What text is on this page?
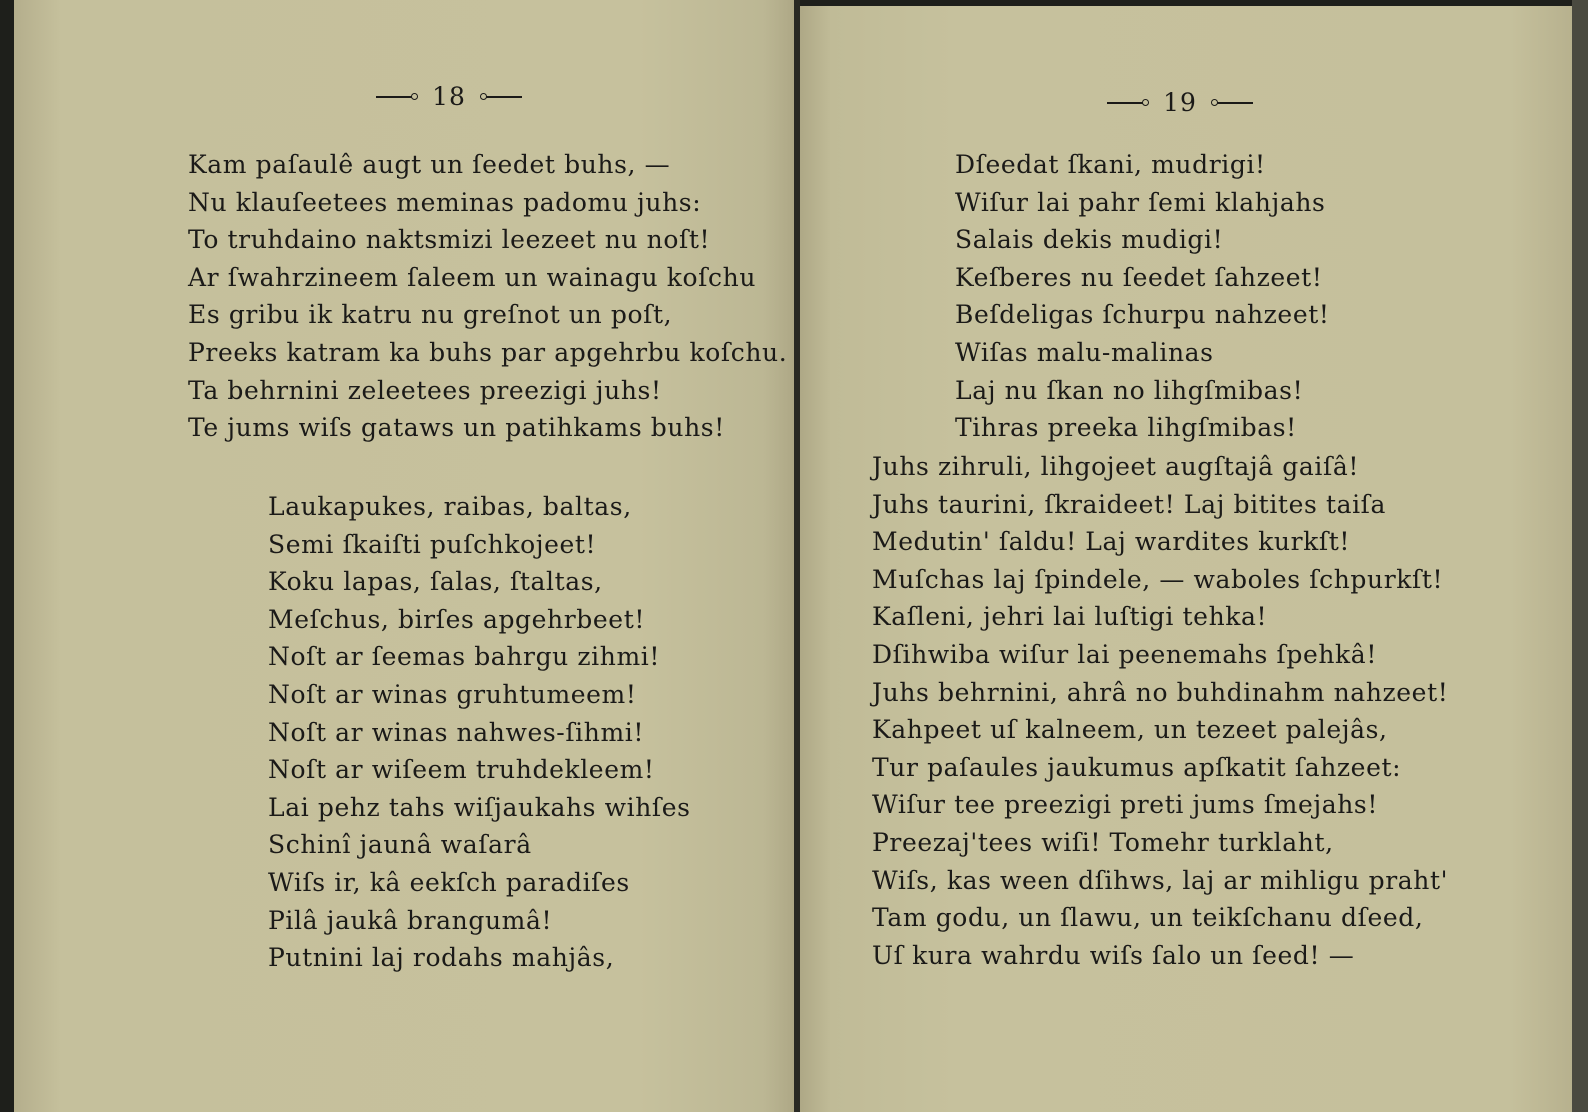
18
Kam paſaulê augt un ſeedet buhs, —
Nu klauſeetees meminas padomu juhs:
To truhdaino naktsmizi leezeet nu noſt!
Ar ſwahrzineem ſaleem un wainagu koſchu
Es gribu ik katru nu greſnot un poſt,
Preeks katram ka buhs par apgehrbu koſchu.
Ta behrnini zeleetees preezigi juhs!
Te jums wiſs gataws un patihkams buhs!
Laukapukes, raibas, baltas,
Semi ſkaiſti puſchkojeet!
Koku lapas, ſalas, ſtaltas,
Meſchus, birſes apgehrbeet!
Noſt ar ſeemas bahrgu zihmi!
Noſt ar winas gruhtumeem!
Noſt ar winas nahwes-ſihmi!
Noſt ar wiſeem truhdekleem!
Lai pehz tahs wiſjaukahs wihſes
Schinî jaunâ waſarâ
Wiſs ir, kâ eekſch paradiſes
Pilâ jaukâ brangumâ!
Putnini laj rodahs mahjâs,
19
Dſeedat ſkani, mudrigi!
Wiſur lai pahr ſemi klahjahs
Salais dekis mudigi!
Keſberes nu ſeedet ſahzeet!
Beſdeligas ſchurpu nahzeet!
Wiſas malu-malinas
Laj nu ſkan no lihgſmibas!
Tihras preeka lihgſmibas!
Juhs zihruli, lihgojeet augſtajâ gaiſâ!
Juhs taurini, ſkraideet! Laj bitites taiſa
Medutin' ſaldu! Laj wardites kurkſt!
Muſchas laj ſpindele, — waboles ſchpurkſt!
Kaſleni, jehri lai luſtigi tehka!
Dſihwiba wiſur lai peenemahs ſpehkâ!
Juhs behrnini, ahrâ no buhdinahm nahzeet!
Kahpeet uſ kalneem, un tezeet palejâs,
Tur paſaules jaukumus apſkatit ſahzeet:
Wiſur tee preezigi preti jums ſmejahs!
Preezaj'tees wiſi! Tomehr turklaht,
Wiſs, kas ween dſihws, laj ar mihligu praht'
Tam godu, un ſlawu, un teikſchanu dſeed,
Uſ kura wahrdu wiſs ſalo un ſeed! —
